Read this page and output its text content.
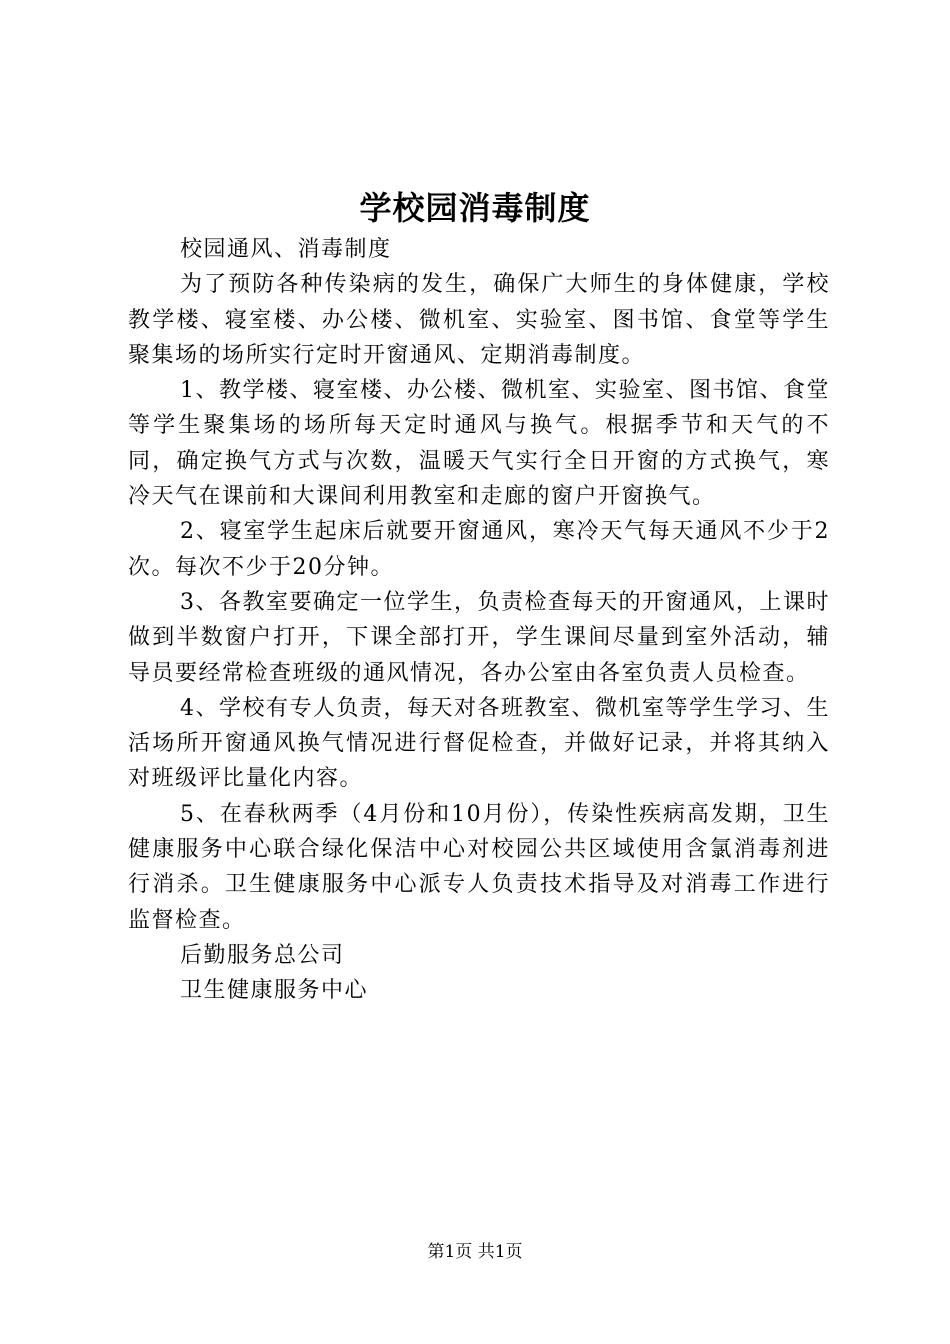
学校园消毒制度

校园通风、消毒制度

为了预防各种传染病的发生，确保广大师生的身体健康，学校教学楼、寝室楼、办公楼、微机室、实验室、图书馆、食堂等学生聚集场的场所实行定时开窗通风、定期消毒制度。

1、教学楼、寝室楼、办公楼、微机室、实验室、图书馆、食堂等学生聚集场的场所每天定时通风与换气。根据季节和天气的不同，确定换气方式与次数，温暖天气实行全日开窗的方式换气，寒冷天气在课前和大课间利用教室和走廊的窗户开窗换气。

2、寝室学生起床后就要开窗通风，寒冷天气每天通风不少于2次。每次不少于20分钟。

3、各教室要确定一位学生，负责检查每天的开窗通风，上课时做到半数窗户打开，下课全部打开，学生课间尽量到室外活动，辅导员要经常检查班级的通风情况，各办公室由各室负责人员检查。

4、学校有专人负责，每天对各班教室、微机室等学生学习、生活场所开窗通风换气情况进行督促检查，并做好记录，并将其纳入对班级评比量化内容。

5、在春秋两季（4月份和10月份），传染性疾病高发期，卫生健康服务中心联合绿化保洁中心对校园公共区域使用含氯消毒剂进行消杀。卫生健康服务中心派专人负责技术指导及对消毒工作进行监督检查。

后勤服务总公司

卫生健康服务中心

第1页 共1页
